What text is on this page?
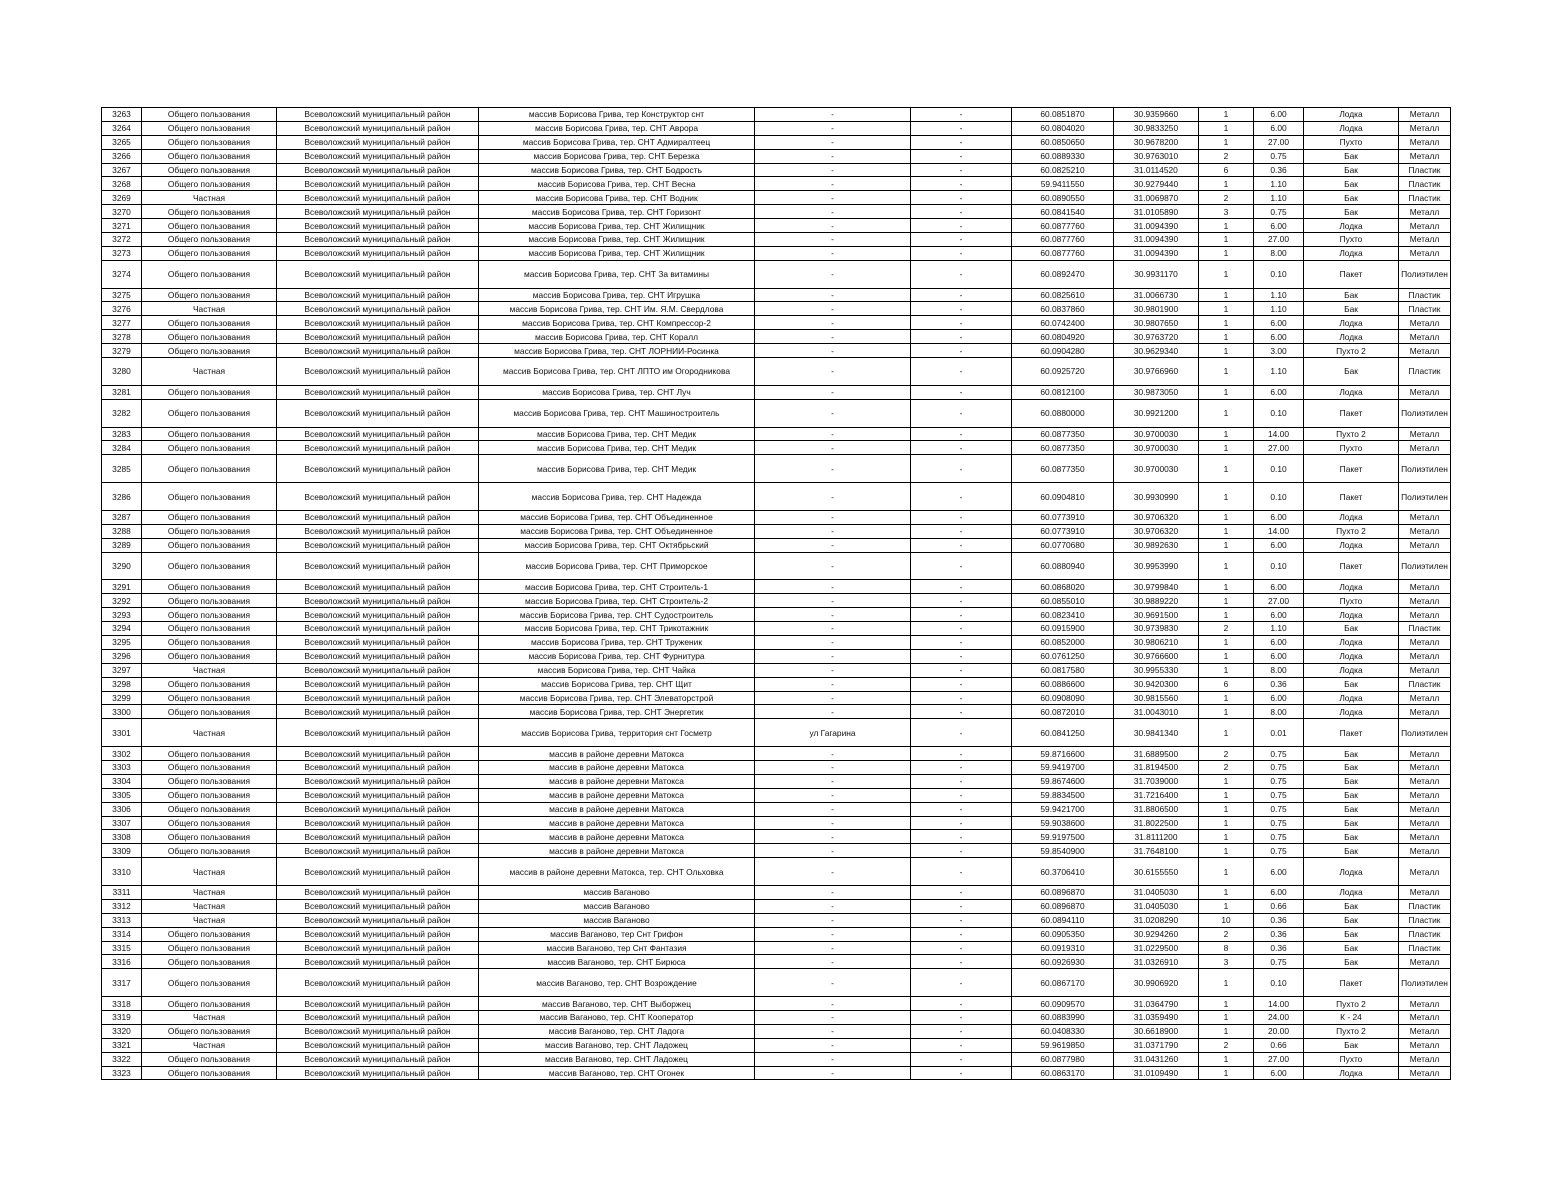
3263	Общего пользования	Всеволожский муниципальный район	массив Борисова Грива, тер Конструктор снт	-	-	60.0851870	30.9359660	1	6.00	Лодка	Металл
3264	Общего пользования	Всеволожский муниципальный район	массив Борисова Грива, тер. СНТ Аврора	-	-	60.0804020	30.9833250	1	6.00	Лодка	Металл
3265	Общего пользования	Всеволожский муниципальный район	массив Борисова Грива, тер. СНТ Адмиралтеец	-	-	60.0850650	30.9678200	1	27.00	Пухто	Металл
3266	Общего пользования	Всеволожский муниципальный район	массив Борисова Грива, тер. СНТ Березка	-	-	60.0889330	30.9763010	2	0.75	Бак	Металл
3267	Общего пользования	Всеволожский муниципальный район	массив Борисова Грива, тер. СНТ Бодрость	-	-	60.0825210	31.0114520	6	0.36	Бак	Пластик
3268	Общего пользования	Всеволожский муниципальный район	массив Борисова Грива, тер. СНТ Весна	-	-	59.9411550	30.9279440	1	1.10	Бак	Пластик
3269	Частная	Всеволожский муниципальный район	массив Борисова Грива, тер. СНТ Водник	-	-	60.0890550	31.0069870	2	1.10	Бак	Пластик
3270	Общего пользования	Всеволожский муниципальный район	массив Борисова Грива, тер. СНТ Горизонт	-	-	60.0841540	31.0105890	3	0.75	Бак	Металл
3271	Общего пользования	Всеволожский муниципальный район	массив Борисова Грива, тер. СНТ Жилищник	-	-	60.0877760	31.0094390	1	6.00	Лодка	Металл
3272	Общего пользования	Всеволожский муниципальный район	массив Борисова Грива, тер. СНТ Жилищник	-	-	60.0877760	31.0094390	1	27.00	Пухто	Металл
3273	Общего пользования	Всеволожский муниципальный район	массив Борисова Грива, тер. СНТ Жилищник	-	-	60.0877760	31.0094390	1	8.00	Лодка	Металл
3274	Общего пользования	Всеволожский муниципальный район	массив Борисова Грива, тер. СНТ За витамины	-	-	60.0892470	30.9931170	1	0.10	Пакет	Полиэтилен
3275	Общего пользования	Всеволожский муниципальный район	массив Борисова Грива, тер. СНТ Игрушка	-	-	60.0825610	31.0066730	1	1.10	Бак	Пластик
3276	Частная	Всеволожский муниципальный район	массив Борисова Грива, тер. СНТ Им. Я.М. Свердлова	-	-	60.0837860	30.9801900	1	1.10	Бак	Пластик
3277	Общего пользования	Всеволожский муниципальный район	массив Борисова Грива, тер. СНТ Компрессор-2	-	-	60.0742400	30.9807650	1	6.00	Лодка	Металл
3278	Общего пользования	Всеволожский муниципальный район	массив Борисова Грива, тер. СНТ Коралл	-	-	60.0804920	30.9763720	1	6.00	Лодка	Металл
3279	Общего пользования	Всеволожский муниципальный район	массив Борисова Грива, тер. СНТ ЛОРНИИ-Росинка	-	-	60.0904280	30.9629340	1	3.00	Пухто 2	Металл
3280	Частная	Всеволожский муниципальный район	массив Борисова Грива, тер. СНТ ЛПТО им Огородникова	-	-	60.0925720	30.9766960	1	1.10	Бак	Пластик
3281	Общего пользования	Всеволожский муниципальный район	массив Борисова Грива, тер. СНТ Луч	-	-	60.0812100	30.9873050	1	6.00	Лодка	Металл
3282	Общего пользования	Всеволожский муниципальный район	массив Борисова Грива, тер. СНТ Машиностроитель	-	-	60.0880000	30.9921200	1	0.10	Пакет	Полиэтилен
3283	Общего пользования	Всеволожский муниципальный район	массив Борисова Грива, тер. СНТ Медик	-	-	60.0877350	30.9700030	1	14.00	Пухто 2	Металл
3284	Общего пользования	Всеволожский муниципальный район	массив Борисова Грива, тер. СНТ Медик	-	-	60.0877350	30.9700030	1	27.00	Пухто	Металл
3285	Общего пользования	Всеволожский муниципальный район	массив Борисова Грива, тер. СНТ Медик	-	-	60.0877350	30.9700030	1	0.10	Пакет	Полиэтилен
3286	Общего пользования	Всеволожский муниципальный район	массив Борисова Грива, тер. СНТ Надежда	-	-	60.0904810	30.9930990	1	0.10	Пакет	Полиэтилен
3287	Общего пользования	Всеволожский муниципальный район	массив Борисова Грива, тер. СНТ Объединенное	-	-	60.0773910	30.9706320	1	6.00	Лодка	Металл
3288	Общего пользования	Всеволожский муниципальный район	массив Борисова Грива, тер. СНТ Объединенное	-	-	60.0773910	30.9706320	1	14.00	Пухто 2	Металл
3289	Общего пользования	Всеволожский муниципальный район	массив Борисова Грива, тер. СНТ Октябрьский	-	-	60.0770680	30.9892630	1	6.00	Лодка	Металл
3290	Общего пользования	Всеволожский муниципальный район	массив Борисова Грива, тер. СНТ Приморское	-	-	60.0880940	30.9953990	1	0.10	Пакет	Полиэтилен
3291	Общего пользования	Всеволожский муниципальный район	массив Борисова Грива, тер. СНТ Строитель-1	-	-	60.0868020	30.9799840	1	6.00	Лодка	Металл
3292	Общего пользования	Всеволожский муниципальный район	массив Борисова Грива, тер. СНТ Строитель-2	-	-	60.0855010	30.9889220	1	27.00	Пухто	Металл
3293	Общего пользования	Всеволожский муниципальный район	массив Борисова Грива, тер. СНТ Судостроитель	-	-	60.0823410	30.9691500	1	6.00	Лодка	Металл
3294	Общего пользования	Всеволожский муниципальный район	массив Борисова Грива, тер. СНТ Трикотажник	-	-	60.0915900	30.9739830	2	1.10	Бак	Пластик
3295	Общего пользования	Всеволожский муниципальный район	массив Борисова Грива, тер. СНТ Труженик	-	-	60.0852000	30.9806210	1	6.00	Лодка	Металл
3296	Общего пользования	Всеволожский муниципальный район	массив Борисова Грива, тер. СНТ Фурнитура	-	-	60.0761250	30.9766600	1	6.00	Лодка	Металл
3297	Частная	Всеволожский муниципальный район	массив Борисова Грива, тер. СНТ Чайка	-	-	60.0817580	30.9955330	1	8.00	Лодка	Металл
3298	Общего пользования	Всеволожский муниципальный район	массив Борисова Грива, тер. СНТ Щит	-	-	60.0886600	30.9420300	6	0.36	Бак	Пластик
3299	Общего пользования	Всеволожский муниципальный район	массив Борисова Грива, тер. СНТ Элеваторстрой	-	-	60.0908090	30.9815560	1	6.00	Лодка	Металл
3300	Общего пользования	Всеволожский муниципальный район	массив Борисова Грива, тер. СНТ Энергетик	-	-	60.0872010	31.0043010	1	8.00	Лодка	Металл
3301	Частная	Всеволожский муниципальный район	массив Борисова Грива, территория снт Госметр	ул Гагарина	-	60.0841250	30.9841340	1	0.01	Пакет	Полиэтилен
3302	Общего пользования	Всеволожский муниципальный район	массив в районе деревни Матокса	-	-	59.8716600	31.6889500	2	0.75	Бак	Металл
3303	Общего пользования	Всеволожский муниципальный район	массив в районе деревни Матокса	-	-	59.9419700	31.8194500	2	0.75	Бак	Металл
3304	Общего пользования	Всеволожский муниципальный район	массив в районе деревни Матокса	-	-	59.8674600	31.7039000	1	0.75	Бак	Металл
3305	Общего пользования	Всеволожский муниципальный район	массив в районе деревни Матокса	-	-	59.8834500	31.7216400	1	0.75	Бак	Металл
3306	Общего пользования	Всеволожский муниципальный район	массив в районе деревни Матокса	-	-	59.9421700	31.8806500	1	0.75	Бак	Металл
3307	Общего пользования	Всеволожский муниципальный район	массив в районе деревни Матокса	-	-	59.9038600	31.8022500	1	0.75	Бак	Металл
3308	Общего пользования	Всеволожский муниципальный район	массив в районе деревни Матокса	-	-	59.9197500	31.8111200	1	0.75	Бак	Металл
3309	Общего пользования	Всеволожский муниципальный район	массив в районе деревни Матокса	-	-	59.8540900	31.7648100	1	0.75	Бак	Металл
3310	Частная	Всеволожский муниципальный район	массив в районе деревни Матокса, тер. СНТ Ольховка	-	-	60.3706410	30.6155550	1	6.00	Лодка	Металл
3311	Частная	Всеволожский муниципальный район	массив Ваганово	-	-	60.0896870	31.0405030	1	6.00	Лодка	Металл
3312	Частная	Всеволожский муниципальный район	массив Ваганово	-	-	60.0896870	31.0405030	1	0.66	Бак	Пластик
3313	Частная	Всеволожский муниципальный район	массив Ваганово	-	-	60.0894110	31.0208290	10	0.36	Бак	Пластик
3314	Общего пользования	Всеволожский муниципальный район	массив Ваганово, тер Снт Грифон	-	-	60.0905350	30.9294260	2	0.36	Бак	Пластик
3315	Общего пользования	Всеволожский муниципальный район	массив Ваганово, тер Снт Фантазия	-	-	60.0919310	31.0229500	8	0.36	Бак	Пластик
3316	Общего пользования	Всеволожский муниципальный район	массив Ваганово, тер. СНТ Бирюса	-	-	60.0926930	31.0326910	3	0.75	Бак	Металл
3317	Общего пользования	Всеволожский муниципальный район	массив Ваганово, тер. СНТ Возрождение	-	-	60.0867170	30.9906920	1	0.10	Пакет	Полиэтилен
3318	Общего пользования	Всеволожский муниципальный район	массив Ваганово, тер. СНТ Выборжец	-	-	60.0909570	31.0364790	1	14.00	Пухто 2	Металл
3319	Частная	Всеволожский муниципальный район	массив Ваганово, тер. СНТ Кооператор	-	-	60.0883990	31.0359490	1	24.00	К - 24	Металл
3320	Общего пользования	Всеволожский муниципальный район	массив Ваганово, тер. СНТ Ладога	-	-	60.0408330	30.6618900	1	20.00	Пухто 2	Металл
3321	Частная	Всеволожский муниципальный район	массив Ваганово, тер. СНТ Ладожец	-	-	59.9619850	31.0371790	2	0.66	Бак	Металл
3322	Общего пользования	Всеволожский муниципальный район	массив Ваганово, тер. СНТ Ладожец	-	-	60.0877980	31.0431260	1	27.00	Пухто	Металл
3323	Общего пользования	Всеволожский муниципальный район	массив Ваганово, тер. СНТ Огонек	-	-	60.0863170	31.0109490	1	6.00	Лодка	Металл
